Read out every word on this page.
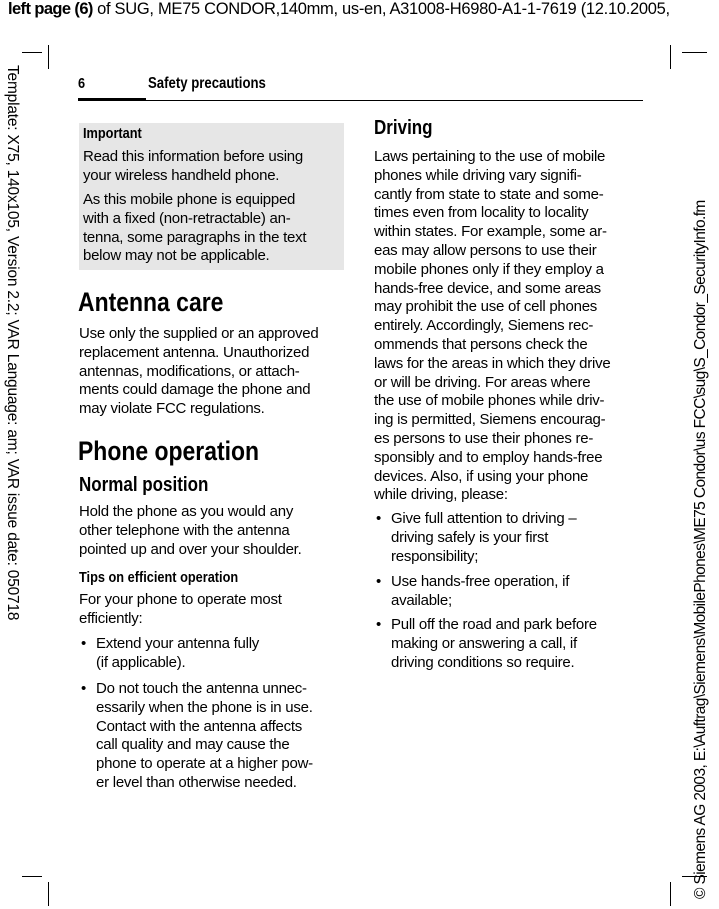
left page (6) of SUG, ME75 CONDOR,140mm, us-en, A31008-H6980-A1-1-7619 (12.10.2005,
Template: X75, 140x105, Version 2.2; VAR Language: am; VAR issue date: 050718	© Siemens AG 2003, E:\Auftrag\Siemens\MobilePhones\ME75 Condor\us FCC\sug\S_Condor_SecurityInfo.fm
6	Safety precautions
Important
Read this information before using
your wireless handheld phone.
As this mobile phone is equipped
with a fixed (non-retractable) an-
tenna, some paragraphs in the text
below may not be applicable.
Antenna care
Use only the supplied or an approved
replacement antenna. Unauthorized
antennas, modifications, or attach-
ments could damage the phone and
may violate FCC regulations.
Phone operation
Normal position
Hold the phone as you would any
other telephone with the antenna
pointed up and over your shoulder.
Tips on efficient operation
For your phone to operate most
efficiently:
• Extend your antenna fully
(if applicable).
• Do not touch the antenna unnec-
essarily when the phone is in use.
Contact with the antenna affects
call quality and may cause the
phone to operate at a higher pow-
er level than otherwise needed.
Driving
Laws pertaining to the use of mobile
phones while driving vary signifi-
cantly from state to state and some-
times even from locality to locality
within states. For example, some ar-
eas may allow persons to use their
mobile phones only if they employ a
hands-free device, and some areas
may prohibit the use of cell phones
entirely. Accordingly, Siemens rec-
ommends that persons check the
laws for the areas in which they drive
or will be driving. For areas where
the use of mobile phones while driv-
ing is permitted, Siemens encourag-
es persons to use their phones re-
sponsibly and to employ hands-free
devices. Also, if using your phone
while driving, please:
• Give full attention to driving –
driving safely is your first
responsibility;
• Use hands-free operation, if
available;
• Pull off the road and park before
making or answering a call, if
driving conditions so require.
